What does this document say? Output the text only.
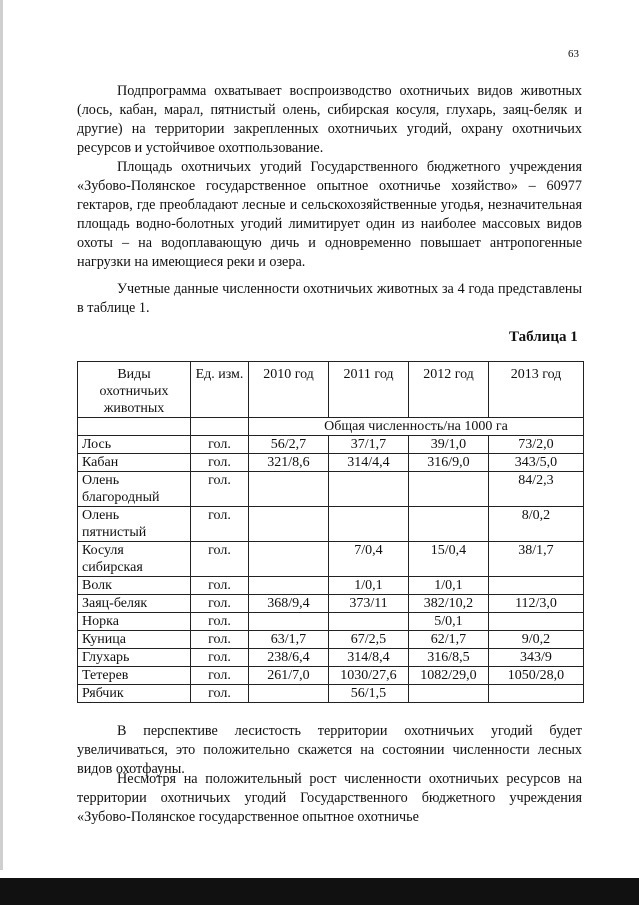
63

Подпрограмма охватывает воспроизводство охотничьих видов животных (лось, кабан, марал, пятнистый олень, сибирская косуля, глухарь, заяц-беляк и другие) на территории закрепленных охотничьих угодий, охрану охотничьих ресурсов и устойчивое охотпользование.

Площадь охотничьих угодий Государственного бюджетного учреждения «Зубово-Полянское государственное опытное охотничье хозяйство» – 60977 гектаров, где преобладают лесные и сельскохозяйственные угодья, незначительная площадь водно-болотных угодий лимитирует один из наиболее массовых видов охоты – на водоплавающую дичь и одновременно повышает антропогенные нагрузки на имеющиеся реки и озера.

Учетные данные численности охотничьих животных за 4 года представлены в таблице 1.

Таблица 1
Виды охотничьих животных	Ед. изм.	2010 год	2011 год	2012 год	2013 год
		Общая численность/на 1000 га			
Лось	гол.	56/2,7	37/1,7	39/1,0	73/2,0
Кабан	гол.	321/8,6	314/4,4	316/9,0	343/5,0
Олень благородный	гол.				84/2,3
Олень пятнистый	гол.				8/0,2
Косуля сибирская	гол.		7/0,4	15/0,4	38/1,7
Волк	гол.		1/0,1	1/0,1	
Заяц-беляк	гол.	368/9,4	373/11	382/10,2	112/3,0
Норка	гол.			5/0,1	
Куница	гол.	63/1,7	67/2,5	62/1,7	9/0,2
Глухарь	гол.	238/6,4	314/8,4	316/8,5	343/9
Тетерев	гол.	261/7,0	1030/27,6	1082/29,0	1050/28,0
Рябчик	гол.		56/1,5		

В перспективе лесистость территории охотничьих угодий будет увеличиваться, это положительно скажется на состоянии численности лесных видов охотфауны.

Несмотря на положительный рост численности охотничьих ресурсов на территории охотничьих угодий Государственного бюджетного учреждения «Зубово-Полянское государственное опытное охотничье
